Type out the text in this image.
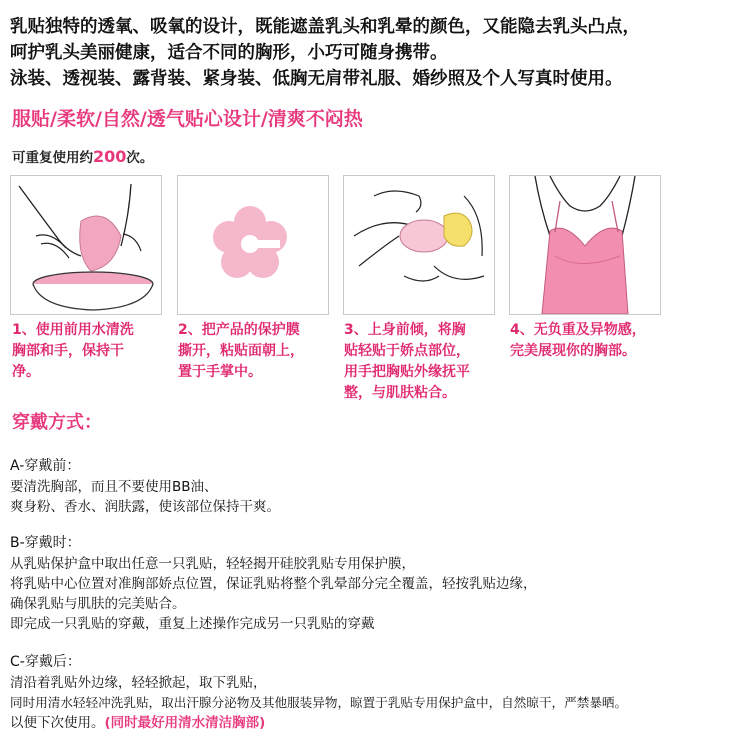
乳贴独特的透氧、吸氧的设计，既能遮盖乳头和乳晕的颜色，又能隐去乳头凸点，

呵护乳头美丽健康，适合不同的胸形，小巧可随身携带。

泳装、透视装、露背装、紧身装、低胸无肩带礼服、婚纱照及个人写真时使用。

服贴/柔软/自然/透气贴心设计/清爽不闷热
可重复使用约200次。
1、使用前用水清洗
胸部和手，保持干
净。
2、把产品的保护膜
撕开，粘贴面朝上，
置于手掌中。
3、上身前倾，将胸
贴轻贴于娇点部位，
用手把胸贴外缘抚平
整，与肌肤粘合。
4、无负重及异物感，
完美展现你的胸部。
穿戴方式：
A-穿戴前：
要清洗胸部，而且不要使用BB油、
爽身粉、香水、润肤露，使该部位保持干爽。
B-穿戴时：
从乳贴保护盒中取出任意一只乳贴，轻轻揭开硅胶乳贴专用保护膜，
将乳贴中心位置对准胸部娇点位置，保证乳贴将整个乳晕部分完全覆盖，轻按乳贴边缘，
确保乳贴与肌肤的完美贴合。
即完成一只乳贴的穿戴，重复上述操作完成另一只乳贴的穿戴
C-穿戴后：
清沿着乳贴外边缘，轻轻掀起，取下乳贴，
同时用清水轻轻冲洗乳贴，取出汗腺分泌物及其他服装异物，晾置于乳贴专用保护盒中，自然晾干，严禁暴晒。
以便下次使用。(同时最好用清水清洁胸部)
